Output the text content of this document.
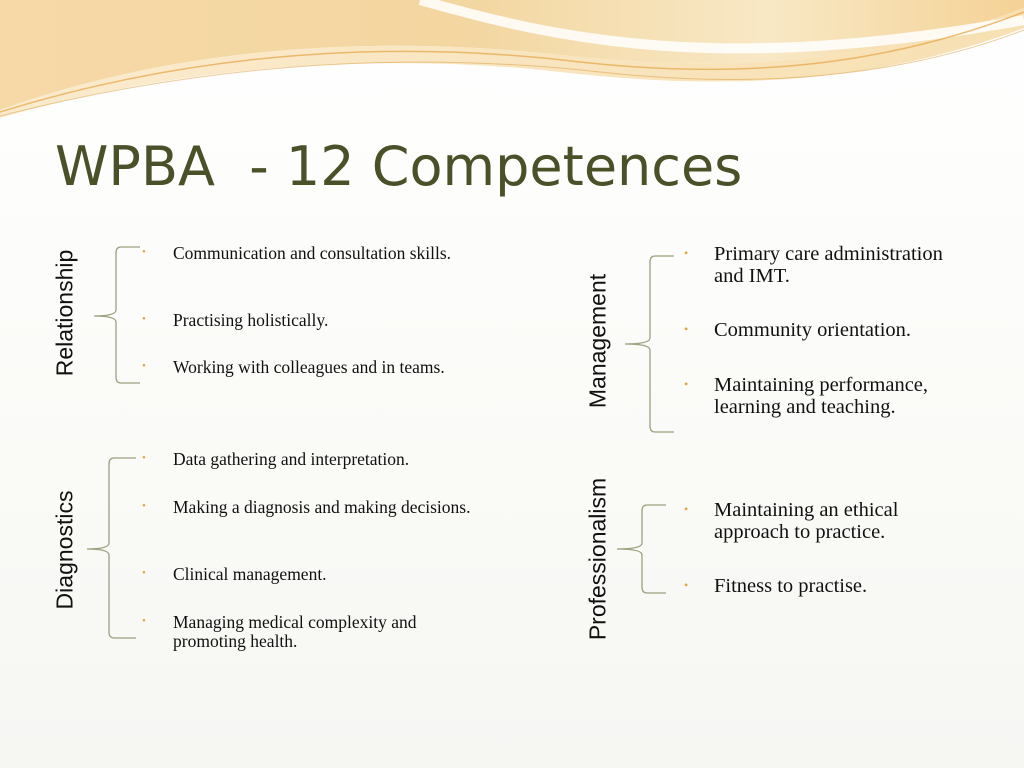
WPBA  - 12 Competences
Relationship	• Communication and consultation skills.
• Practising holistically.
• Working with colleagues and in teams.
Diagnostics
• Data gathering and interpretation.
• Making a diagnosis and making decisions.
• Clinical management.
• Managing medical complexity and promoting health.
Management
• Primary care administration and IMT.
• Community orientation.
• Maintaining performance, learning and teaching.
Professionalism	• Maintaining an ethical approach to practice.
• Fitness to practise.
